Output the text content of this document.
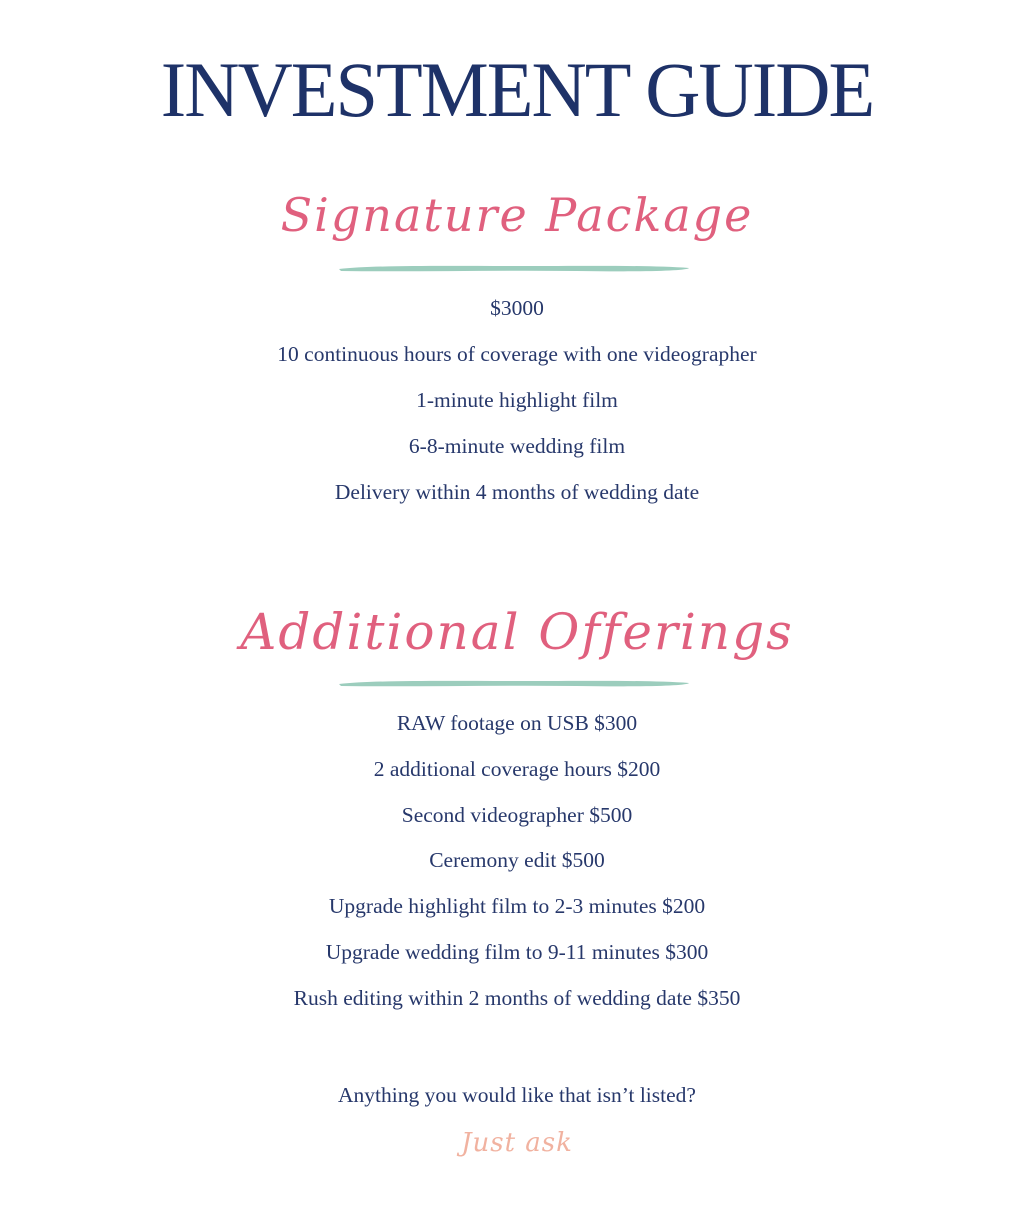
INVESTMENT GUIDE
Signature Package
$3000
10 continuous hours of coverage with one videographer
1-minute highlight film
6-8-minute wedding film
Delivery within 4 months of wedding date
Additional Offerings
RAW footage on USB $300
2 additional coverage hours $200
Second videographer $500
Ceremony edit $500
Upgrade highlight film to 2-3 minutes $200
Upgrade wedding film to 9-11 minutes $300
Rush editing within 2 months of wedding date $350
Anything you would like that isn’t listed?
Just ask
